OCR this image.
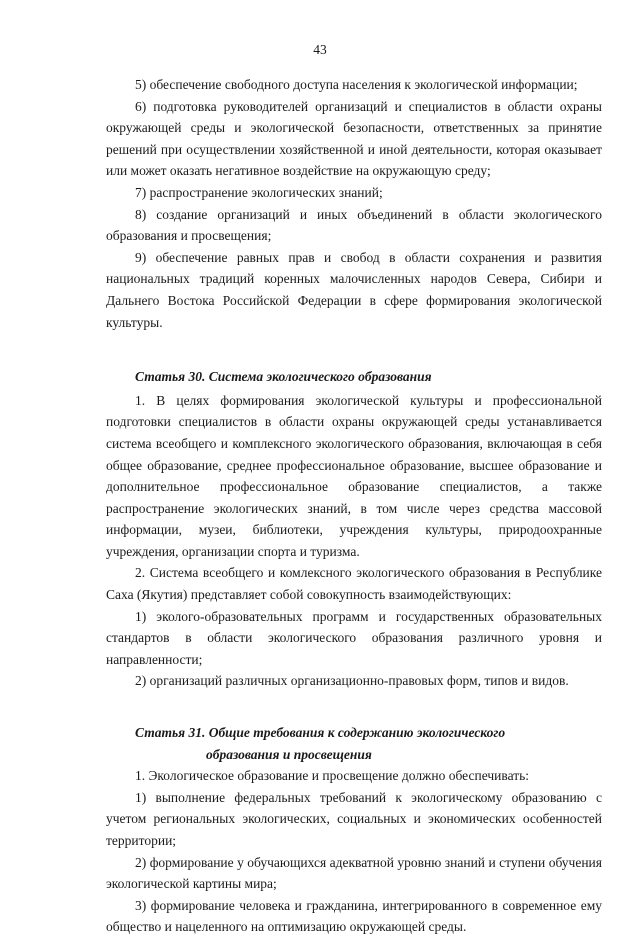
43

5) обеспечение свободного доступа населения к экологической информации;

6) подготовка руководителей организаций и специалистов в области охраны окружающей среды и экологической безопасности, ответственных за принятие решений при осуществлении хозяйственной и иной деятельности, которая оказывает или может оказать негативное воздействие на окружающую среду;

7) распространение экологических знаний;

8) создание организаций и иных объединений в области экологического образования и просвещения;

9) обеспечение равных прав и свобод в области сохранения и развития национальных традиций коренных малочисленных народов Севера, Сибири и Дальнего Востока Российской Федерации в сфере формирования экологической культуры.

Статья 30. Система экологического образования

1. В целях формирования экологической культуры и профессиональной подготовки специалистов в области охраны окружающей среды устанавливается система всеобщего и комплексного экологического образования, включающая в себя общее образование, среднее профессиональное образование, высшее образование и дополнительное профессиональное образование специалистов, а также распространение экологических знаний, в том числе через средства массовой информации, музеи, библиотеки, учреждения культуры, природоохранные учреждения, организации спорта и туризма.

2. Система всеобщего и комлексного экологического образования в Республике Саха (Якутия) представляет собой совокупность взаимодействующих:

1) эколого-образовательных программ и государственных образовательных стандартов в области экологического образования различного уровня и направленности;

2) организаций различных организационно-правовых форм, типов и видов.

Статья 31. Общие требования к содержанию экологического
образования и просвещения

1. Экологическое образование и просвещение должно обеспечивать:

1) выполнение федеральных требований к экологическому образованию с учетом региональных экологических, социальных и экономических особенностей территории;

2) формирование у обучающихся адекватной уровню знаний и ступени обучения экологической картины мира;

3) формирование человека и гражданина, интегрированного в современное ему общество и нацеленного на оптимизацию окружающей среды.
